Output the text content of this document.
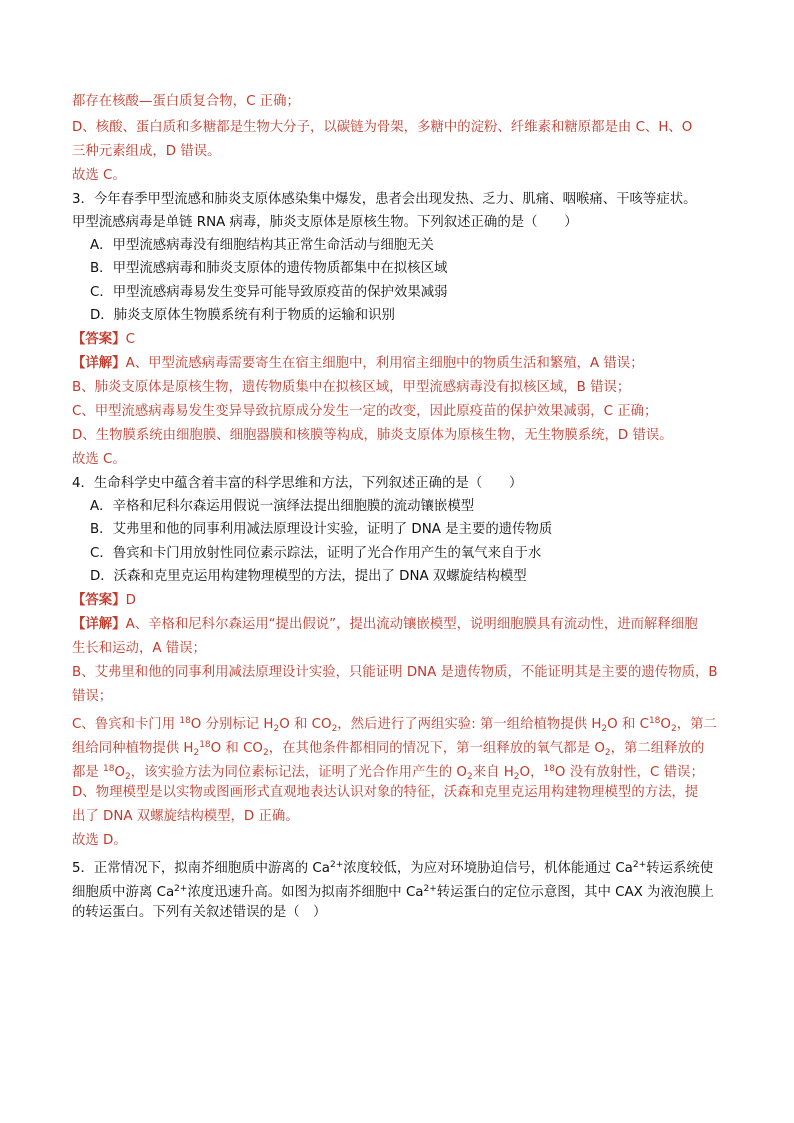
都存在核酸—蛋白质复合物，C 正确；
D、核酸、蛋白质和多糖都是生物大分子，以碳链为骨架，多糖中的淀粉、纤维素和糖原都是由 C、H、O
三种元素组成，D 错误。
故选 C。
3．今年春季甲型流感和肺炎支原体感染集中爆发，患者会出现发热、乏力、肌痛、咽喉痛、干咳等症状。
甲型流感病毒是单链 RNA 病毒，肺炎支原体是原核生物。下列叙述正确的是（　　）
A．甲型流感病毒没有细胞结构其正常生命活动与细胞无关
B．甲型流感病毒和肺炎支原体的遗传物质都集中在拟核区域
C．甲型流感病毒易发生变异可能导致原疫苗的保护效果减弱
D．肺炎支原体生物膜系统有利于物质的运输和识别
【答案】C
【详解】A、甲型流感病毒需要寄生在宿主细胞中，利用宿主细胞中的物质生活和繁殖，A 错误；
B、肺炎支原体是原核生物，遗传物质集中在拟核区域，甲型流感病毒没有拟核区域，B 错误；
C、甲型流感病毒易发生变异导致抗原成分发生一定的改变，因此原疫苗的保护效果减弱，C 正确；
D、生物膜系统由细胞膜、细胞器膜和核膜等构成，肺炎支原体为原核生物，无生物膜系统，D 错误。
故选 C。
4．生命科学史中蕴含着丰富的科学思维和方法，下列叙述正确的是（　　）
A．辛格和尼科尔森运用假说一演绎法提出细胞膜的流动镶嵌模型
B．艾弗里和他的同事利用减法原理设计实验，证明了 DNA 是主要的遗传物质
C．鲁宾和卡门用放射性同位素示踪法，证明了光合作用产生的氧气来自于水
D．沃森和克里克运用构建物理模型的方法，提出了 DNA 双螺旋结构模型
【答案】D
【详解】A、辛格和尼科尔森运用“提出假说”，提出流动镶嵌模型，说明细胞膜具有流动性，进而解释细胞
生长和运动，A 错误；
B、艾弗里和他的同事利用减法原理设计实验，只能证明 DNA 是遗传物质，不能证明其是主要的遗传物质，B
错误；
C、鲁宾和卡门用 $^{18}$O 分别标记 $H_2O$ 和 $CO_2$，然后进行了两组实验: 第一组给植物提供 $H_2O$ 和 $C^{18}O_2$，第二
组给同种植物提供 $H_2^{18}O$ 和 $CO_2$，在其他条件都相同的情况下，第一组释放的氧气都是 $O_2$，第二组释放的
都是 $^{18}O_2$，该实验方法为同位素标记法，证明了光合作用产生的 $O_2$来自 $H_2O$，$^{18}$O 没有放射性，C 错误；
D、物理模型是以实物或图画形式直观地表达认识对象的特征，沃森和克里克运用构建物理模型的方法，提
出了 DNA 双螺旋结构模型，D 正确。
故选 D。
5．正常情况下，拟南芥细胞质中游离的 $Ca^{2+}$浓度较低，为应对环境胁迫信号，机体能通过 $Ca^{2+}$转运系统使
细胞质中游离 $Ca^{2+}$浓度迅速升高。如图为拟南芥细胞中 $Ca^{2+}$转运蛋白的定位示意图，其中 CAX 为液泡膜上
的转运蛋白。下列有关叙述错误的是（　）
